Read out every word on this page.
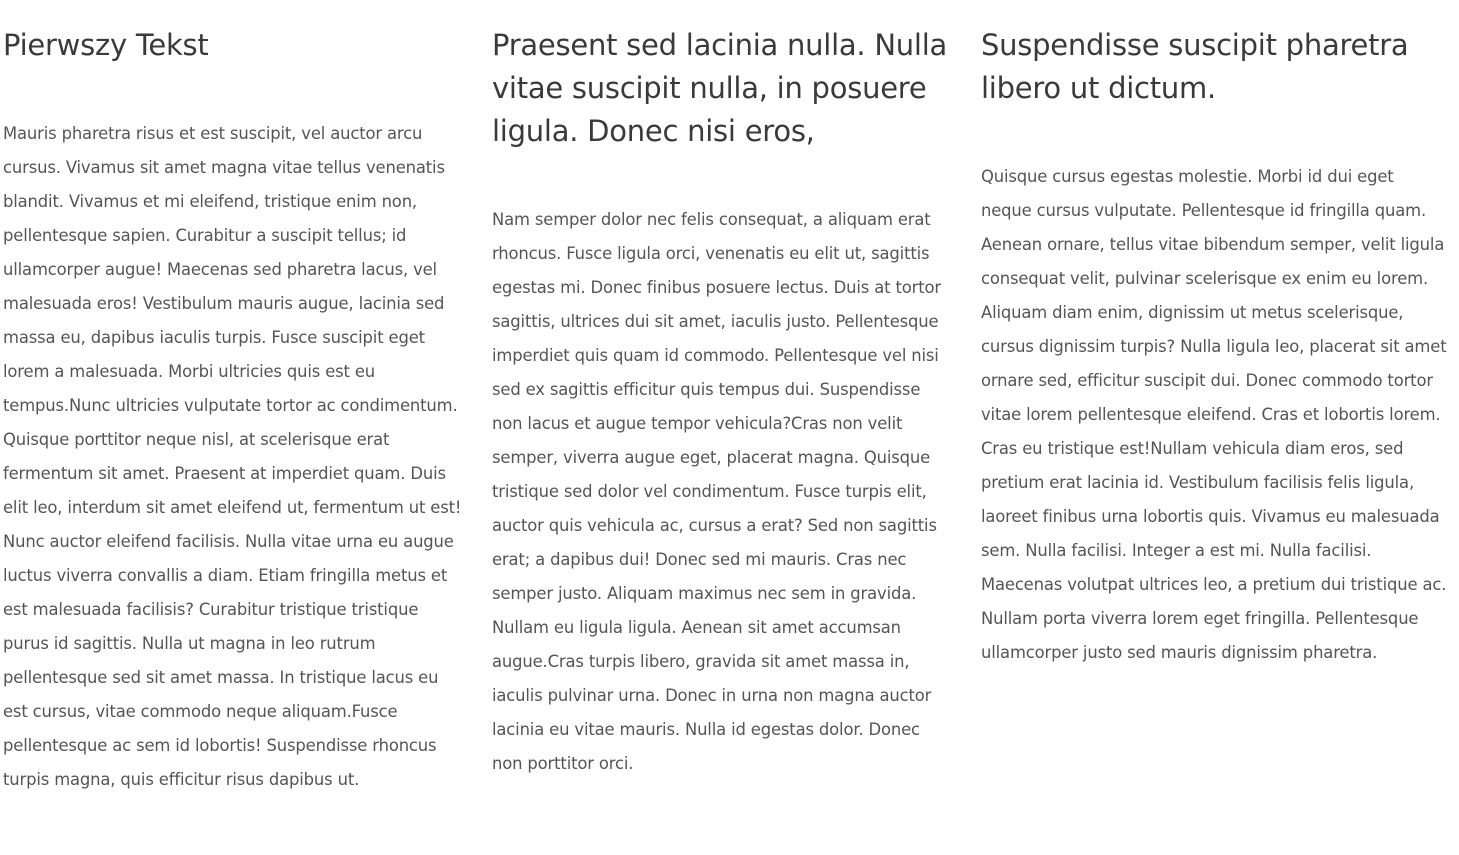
Pierwszy Tekst

Mauris pharetra risus et est suscipit, vel auctor arcu cursus. Vivamus sit amet magna vitae tellus venenatis blandit. Vivamus et mi eleifend, tristique enim non, pellentesque sapien. Curabitur a suscipit tellus; id ullamcorper augue! Maecenas sed pharetra lacus, vel malesuada eros! Vestibulum mauris augue, lacinia sed massa eu, dapibus iaculis turpis. Fusce suscipit eget lorem a malesuada. Morbi ultricies quis est eu tempus.Nunc ultricies vulputate tortor ac condimentum. Quisque porttitor neque nisl, at scelerisque erat fermentum sit amet. Praesent at imperdiet quam. Duis elit leo, interdum sit amet eleifend ut, fermentum ut est! Nunc auctor eleifend facilisis. Nulla vitae urna eu augue luctus viverra convallis a diam. Etiam fringilla metus et est malesuada facilisis? Curabitur tristique tristique purus id sagittis. Nulla ut magna in leo rutrum pellentesque sed sit amet massa. In tristique lacus eu est cursus, vitae commodo neque aliquam.Fusce pellentesque ac sem id lobortis! Suspendisse rhoncus turpis magna, quis efficitur risus dapibus ut.

Praesent sed lacinia nulla. Nulla vitae suscipit nulla, in posuere ligula. Donec nisi eros,

Nam semper dolor nec felis consequat, a aliquam erat rhoncus. Fusce ligula orci, venenatis eu elit ut, sagittis egestas mi. Donec finibus posuere lectus. Duis at tortor sagittis, ultrices dui sit amet, iaculis justo. Pellentesque imperdiet quis quam id commodo. Pellentesque vel nisi sed ex sagittis efficitur quis tempus dui. Suspendisse non lacus et augue tempor vehicula?Cras non velit semper, viverra augue eget, placerat magna. Quisque tristique sed dolor vel condimentum. Fusce turpis elit, auctor quis vehicula ac, cursus a erat? Sed non sagittis erat; a dapibus dui! Donec sed mi mauris. Cras nec semper justo. Aliquam maximus nec sem in gravida. Nullam eu ligula ligula. Aenean sit amet accumsan augue.Cras turpis libero, gravida sit amet massa in, iaculis pulvinar urna. Donec in urna non magna auctor lacinia eu vitae mauris. Nulla id egestas dolor. Donec non porttitor orci.

Suspendisse suscipit pharetra libero ut dictum.

Quisque cursus egestas molestie. Morbi id dui eget neque cursus vulputate. Pellentesque id fringilla quam. Aenean ornare, tellus vitae bibendum semper, velit ligula consequat velit, pulvinar scelerisque ex enim eu lorem. Aliquam diam enim, dignissim ut metus scelerisque, cursus dignissim turpis? Nulla ligula leo, placerat sit amet ornare sed, efficitur suscipit dui. Donec commodo tortor vitae lorem pellentesque eleifend. Cras et lobortis lorem. Cras eu tristique est!Nullam vehicula diam eros, sed pretium erat lacinia id. Vestibulum facilisis felis ligula, laoreet finibus urna lobortis quis. Vivamus eu malesuada sem. Nulla facilisi. Integer a est mi. Nulla facilisi. Maecenas volutpat ultrices leo, a pretium dui tristique ac. Nullam porta viverra lorem eget fringilla. Pellentesque ullamcorper justo sed mauris dignissim pharetra.
